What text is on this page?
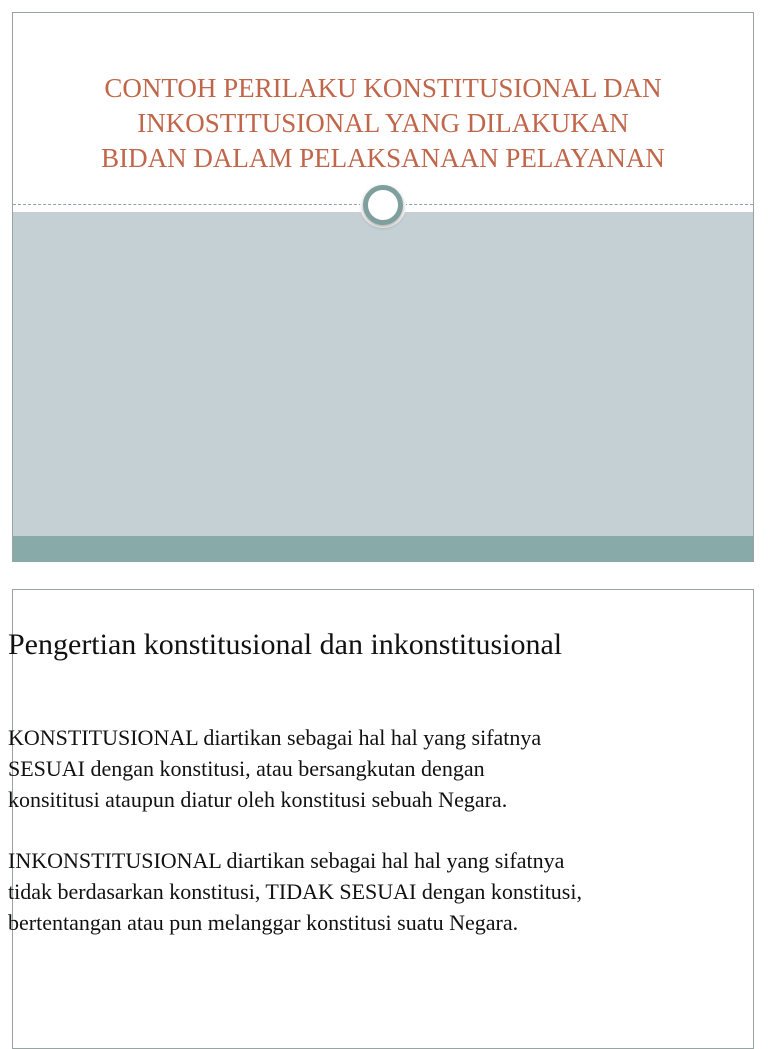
CONTOH PERILAKU KONSTITUSIONAL DAN
INKOSTITUSIONAL YANG DILAKUKAN
BIDAN DALAM PELAKSANAAN PELAYANAN
Pengertian konstitusional dan inkonstitusional
KONSTITUSIONAL diartikan sebagai hal hal yang sifatnya
SESUAI dengan konstitusi, atau bersangkutan dengan
konsititusi ataupun diatur oleh konstitusi sebuah Negara.
INKONSTITUSIONAL diartikan sebagai hal hal yang sifatnya
tidak berdasarkan konstitusi, TIDAK SESUAI dengan konstitusi,
bertentangan atau pun melanggar konstitusi suatu Negara.
